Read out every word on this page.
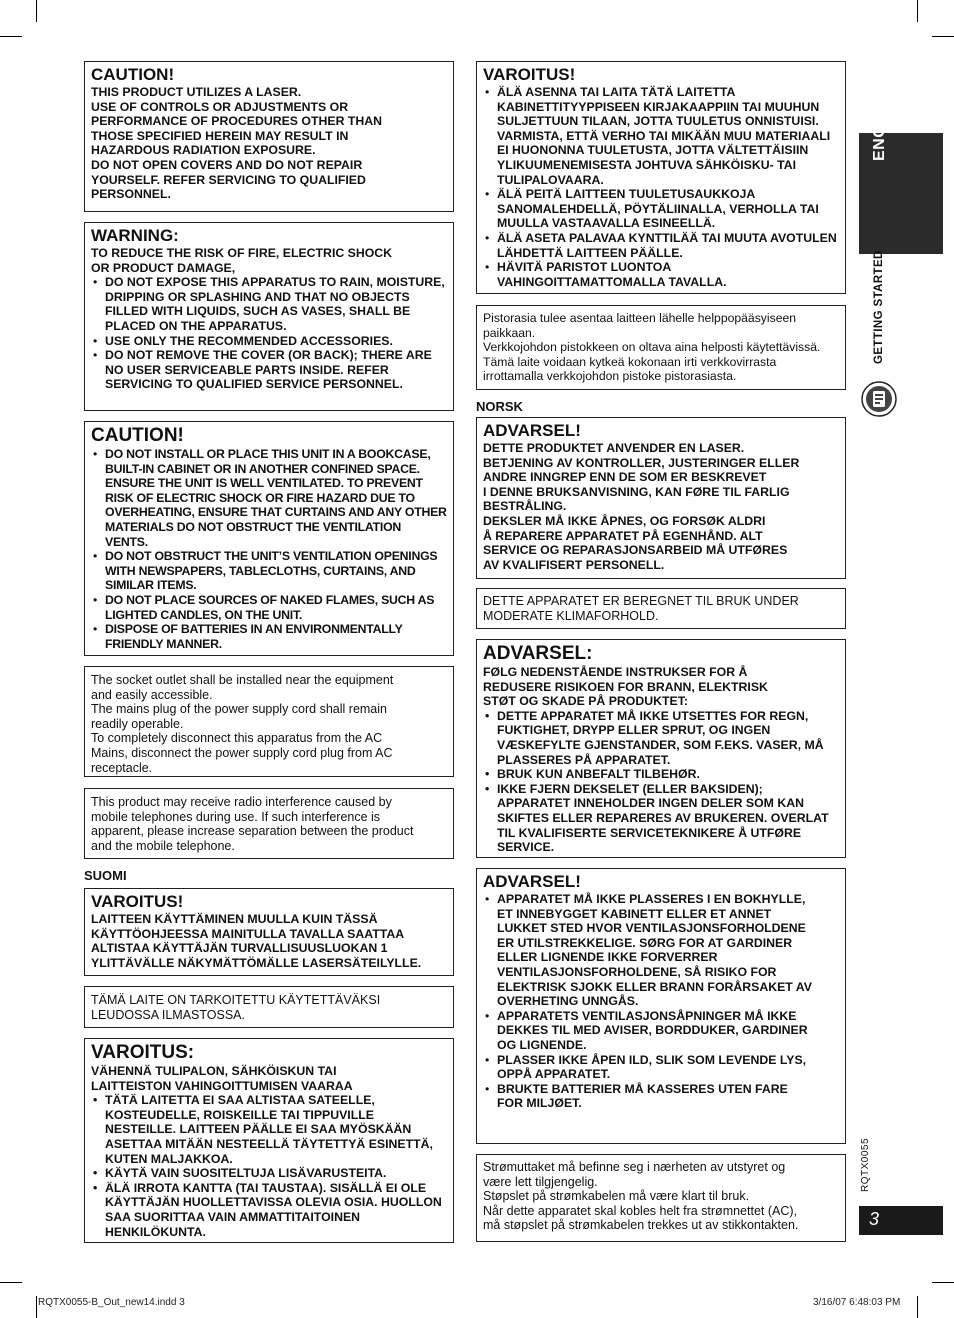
CAUTION!
THIS PRODUCT UTILIZES A LASER.
USE OF CONTROLS OR ADJUSTMENTS OR
PERFORMANCE OF PROCEDURES OTHER THAN
THOSE SPECIFIED HEREIN MAY RESULT IN
HAZARDOUS RADIATION EXPOSURE.
DO NOT OPEN COVERS AND DO NOT REPAIR
YOURSELF. REFER SERVICING TO QUALIFIED
PERSONNEL.
WARNING:
TO REDUCE THE RISK OF FIRE, ELECTRIC SHOCK
OR PRODUCT DAMAGE,
• DO NOT EXPOSE THIS APPARATUS TO RAIN, MOISTURE, DRIPPING OR SPLASHING AND THAT NO OBJECTS FILLED WITH LIQUIDS, SUCH AS VASES, SHALL BE PLACED ON THE APPARATUS.
• USE ONLY THE RECOMMENDED ACCESSORIES.
• DO NOT REMOVE THE COVER (OR BACK); THERE ARE NO USER SERVICEABLE PARTS INSIDE. REFER SERVICING TO QUALIFIED SERVICE PERSONNEL.
CAUTION!
• DO NOT INSTALL OR PLACE THIS UNIT IN A BOOKCASE, BUILT-IN CABINET OR IN ANOTHER CONFINED SPACE. ENSURE THE UNIT IS WELL VENTILATED. TO PREVENT RISK OF ELECTRIC SHOCK OR FIRE HAZARD DUE TO OVERHEATING, ENSURE THAT CURTAINS AND ANY OTHER MATERIALS DO NOT OBSTRUCT THE VENTILATION VENTS.
• DO NOT OBSTRUCT THE UNIT’S VENTILATION OPENINGS WITH NEWSPAPERS, TABLECLOTHS, CURTAINS, AND SIMILAR ITEMS.
• DO NOT PLACE SOURCES OF NAKED FLAMES, SUCH AS LIGHTED CANDLES, ON THE UNIT.
• DISPOSE OF BATTERIES IN AN ENVIRONMENTALLY FRIENDLY MANNER.
The socket outlet shall be installed near the equipment
and easily accessible.
The mains plug of the power supply cord shall remain
readily operable.
To completely disconnect this apparatus from the AC
Mains, disconnect the power supply cord plug from AC
receptacle.
This product may receive radio interference caused by
mobile telephones during use. If such interference is
apparent, please increase separation between the product
and the mobile telephone.
SUOMI
VAROITUS!
LAITTEEN KÄYTTÄMINEN MUULLA KUIN TÄSSÄ
KÄYTTÖOHJEESSA MAINITULLA TAVALLA SAATTAA
ALTISTAA KÄYTTÄJÄN TURVALLISUUSLUOKAN 1
YLITTÄVÄLLE NÄKYMÄTTÖMÄLLE LASERSÄTEILYLLE.
TÄMÄ LAITE ON TARKOITETTU KÄYTETTÄVÄKSI
LEUDOSSA ILMASTOSSA.
VAROITUS:
VÄHENNÄ TULIPALON, SÄHKÖISKUN TAI
LAITTEISTON VAHINGOITTUMISEN VAARAA
• TÄTÄ LAITETTA EI SAA ALTISTAA SATEELLE, KOSTEUDELLE, ROISKEILLE TAI TIPPUVILLE NESTEILLE. LAITTEEN PÄÄLLE EI SAA MYÖSKÄÄN ASETTAA MITÄÄN NESTEELLÄ TÄYTETTYÄ ESINETTÄ, KUTEN MALJAKKOA.
• KÄYTÄ VAIN SUOSITELTUJA LISÄVARUSTEITA.
• ÄLÄ IRROTA KANTTA (TAI TAUSTAA). SISÄLLÄ EI OLE KÄYTTÄJÄN HUOLLETTAVISSA OLEVIA OSIA. HUOLLON SAA SUORITTAA VAIN AMMATTITAITOINEN HENKILÖKUNTA.
VAROITUS!
• ÄLÄ ASENNA TAI LAITA TÄTÄ LAITETTA KABINETTITYYPPISEEN KIRJAKAAPPIIN TAI MUUHUN SULJETTUUN TILAAN, JOTTA TUULETUS ONNISTUISI. VARMISTA, ETTÄ VERHO TAI MIKÄÄN MUU MATERIAALI EI HUONONNA TUULETUSTA, JOTTA VÄLTETTÄISIIN YLIKUUMENEMISESTA JOHTUVA SÄHKÖISKU- TAI TULIPALOVAARA.
• ÄLÄ PEITÄ LAITTEEN TUULETUSAUKKOJA SANOMALEHDELLÄ, PÖYTÄLIINALLA, VERHOLLA TAI MUULLA VASTAAVALLA ESINEELLÄ.
• ÄLÄ ASETA PALAVAA KYNTTILÄÄ TAI MUUTA AVOTULEN LÄHDETTÄ LAITTEEN PÄÄLLE.
• HÄVITÄ PARISTOT LUONTOA VAHINGOITTAMATTOMALLA TAVALLA.
Pistorasia tulee asentaa laitteen lähelle helppopääsyiseen
paikkaan.
Verkkojohdon pistokkeen on oltava aina helposti käytettävissä.
Tämä laite voidaan kytkeä kokonaan irti verkkovirrasta
irrottamalla verkkojohdon pistoke pistorasiasta.
NORSK
ADVARSEL!
DETTE PRODUKTET ANVENDER EN LASER.
BETJENING AV KONTROLLER, JUSTERINGER ELLER
ANDRE INNGREP ENN DE SOM ER BESKREVET
I DENNE BRUKSANVISNING, KAN FØRE TIL FARLIG
BESTRÅLING.
DEKSLER MÅ IKKE ÅPNES, OG FORSØK ALDRI
Å REPARERE APPARATET PÅ EGENHÅND. ALT
SERVICE OG REPARASJONSARBEID MÅ UTFØRES
AV KVALIFISERT PERSONELL.
DETTE APPARATET ER BEREGNET TIL BRUK UNDER
MODERATE KLIMAFORHOLD.
ADVARSEL:
FØLG NEDENSTÅENDE INSTRUKSER FOR Å
REDUSERE RISIKOEN FOR BRANN, ELEKTRISK
STØT OG SKADE PÅ PRODUKTET:
• DETTE APPARATET MÅ IKKE UTSETTES FOR REGN, FUKTIGHET, DRYPP ELLER SPRUT, OG INGEN VÆSKEFYLTE GJENSTANDER, SOM F.EKS. VASER, MÅ PLASSERES PÅ APPARATET.
• BRUK KUN ANBEFALT TILBEHØR.
• IKKE FJERN DEKSELET (ELLER BAKSIDEN); APPARATET INNEHOLDER INGEN DELER SOM KAN SKIFTES ELLER REPARERES AV BRUKEREN. OVERLAT TIL KVALIFISERTE SERVICETEKNIKERE Å UTFØRE SERVICE.
ADVARSEL!
• APPARATET MÅ IKKE PLASSERES I EN BOKHYLLE, ET INNEBYGGET KABINETT ELLER ET ANNET LUKKET STED HVOR VENTILASJONSFORHOLDENE ER UTILSTREKKELIGE. SØRG FOR AT GARDINER ELLER LIGNENDE IKKE FORVERRER VENTILASJONSFORHOLDENE, SÅ RISIKO FOR ELEKTRISK SJOKK ELLER BRANN FORÅRSAKET AV OVERHETING UNNGÅS.
• APPARATETS VENTILASJONSÅPNINGER MÅ IKKE DEKKES TIL MED AVISER, BORDDUKER, GARDINER OG LIGNENDE.
• PLASSER IKKE ÅPEN ILD, SLIK SOM LEVENDE LYS, OPPÅ APPARATET.
• BRUKTE BATTERIER MÅ KASSERES UTEN FARE FOR MILJØET.
Strømuttaket må befinne seg i nærheten av utstyret og
være lett tilgjengelig.
Støpslet på strømkabelen må være klart til bruk.
Når dette apparatet skal kobles helt fra strømnettet (AC),
må støpslet på strømkabelen trekkes ut av stikkontakten.
ENGLISH
GETTING STARTED
RQTX0055
3
RQTX0055-B_Out_new14.indd 3	3/16/07 6:48:03 PM
